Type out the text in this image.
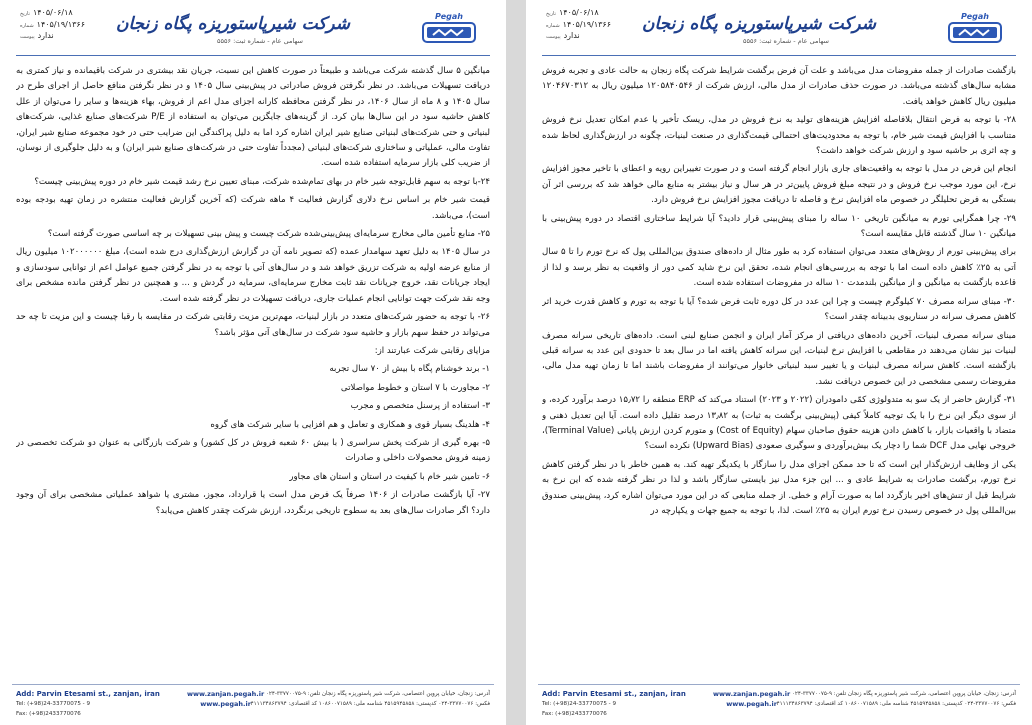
تاریخ ۱۴۰۵/۰۶/۱۸
شماره ۱۴۰۵/۱۹/۱۳۶۶
پیوست ندارد
شرکت شیرپاستوریزه پگاه زنجان
سهامی عام - شماره ثبت: ۵۵۵۶
Pegah

میانگین ۵ سال گذشته شرکت می‌باشد و طبیعتاً در صورت کاهش این نسبت، جریان نقد بیشتری در شرکت باقیمانده و نیاز کمتری به دریافت تسهیلات می‌باشد. در نظر نگرفتن فروش صادراتی در پیش‌بینی سال ۱۴۰۵ و در نظر نگرفتن منافع حاصل از اجرای طرح در سال ۱۴۰۵ و ۸ ماه از سال ۱۴۰۶، در نظر گرفتن محافظه کارانه اجزای مدل اعم از فروش، بهاء هزینه‌ها و سایر را می‌توان از علل کاهش حاشیه سود در این سال‌ها بیان کرد. از گزینه‌های جایگزین می‌توان به استفاده از P/E شرکت‌های صنایع غذایی، شرکت‌های لبنیاتی و حتی شرکت‌های لبنیاتی صنایع شیر ایران اشاره کرد اما به دلیل پراکندگی این ضرایب حتی در خود مجموعه صنایع شیر ایران، تفاوت مالی، عملیاتی و ساختاری شرکت‌های لبنیاتی (مجدداً تفاوت حتی در شرکت‌های صنایع شیر ایران) و به دلیل جلوگیری از نوسان، از ضریب کلی بازار سرمایه استفاده شده است.

۲۴-با توجه به سهم قابل‌توجه شیر خام در بهای تمام‌شده شرکت، مبنای تعیین نرخ رشد قیمت شیر خام در دوره پیش‌بینی چیست؟

قیمت شیر خام بر اساس نرخ دلاری گزارش فعالیت ۴ ماهه شرکت (که آخرین گزارش فعالیت منتشره در زمان تهیه بودجه بوده است)، می‌باشد.

۲۵- منابع تأمین مالی مخارج سرمایه‌ای پیش‌بینی‌شده شرکت چیست و پیش بینی تسهیلات بر چه اساسی صورت گرفته است؟

در سال ۱۴۰۵ به دلیل تعهد سهامدار عمده (که تصویر نامه آن در گزارش ارزش‌گذاری درج شده است)، مبلغ ۱۰۲۰۰۰۰۰۰ میلیون ریال از منابع عرضه اولیه به شرکت تزریق خواهد شد و در سال‌های آتی با توجه به در نظر گرفتن جمیع عوامل اعم از توانایی سودسازی و ایجاد جریانات نقد، خروج جریانات نقد ثابت مخارج سرمایه‌ای، سرمایه در گردش و ... و همچنین در نظر گرفتن مانده مشخص برای وجه نقد شرکت جهت توانایی انجام عملیات جاری، دریافت تسهیلات در نظر گرفته شده است.

۲۶- با توجه به حضور شرکت‌های متعدد در بازار لبنیات، مهم‌ترین مزیت رقابتی شرکت در مقایسه با رقبا چیست و این مزیت تا چه حد می‌تواند در حفظ سهم بازار و حاشیه سود شرکت در سال‌های آتی مؤثر باشد؟

مزایای رقابتی شرکت عبارتند از:

۱- برند خوشنام پگاه با بیش از ۷۰ سال تجربه

۲- مجاورت با ۷ استان و خطوط مواصلاتی

۳- استفاده از پرسنل متخصص و مجرب

۴- هلدینگ بسیار قوی و همکاری و تعامل و هم افزایی با سایر شرکت های گروه

۵- بهره گیری از شرکت پخش سراسری ( با بیش ۶۰ شعبه فروش در کل کشور) و شرکت بازرگانی به عنوان دو شرکت تخصصی در زمینه فروش محصولات داخلی و صادرات

۶- تامین شیر خام با کیفیت در استان و استان های مجاور

۲۷- آیا بازگشت صادرات از ۱۴۰۶ صرفاً یک فرض مدل است یا قرارداد، مجوز، مشتری یا شواهد عملیاتی مشخصی برای آن وجود دارد؟ اگر صادرات سال‌های بعد به سطوح تاریخی برنگردد، ارزش شرکت چقدر کاهش می‌یابد؟

Add: Parvin Etesami st., zanjan, iran
Tel: (+98)24-33770075 - 9
Fax: (+98)2433770076
www.zanjan.pegah.ir
www.pegah.ir
آدرس: زنجان، خیابان پروین اعتصامی، شرکت شیر پاستوریزه پگاه زنجان تلفن: ۹-۳۳۷۷۰۰۷۵-۰۲۴
فکس: ۳۳۷۷۰۰۷۶-۰۲۴ کدپستی: ۴۵۱۵۹۴۵۸۵۸ شناسه ملی: ۱۰۸۶۰۰۷۱۵۸۹ کد اقتصادی: ۴۱۱۱۳۴۸۶۳۷۹۴
تاریخ ۱۴۰۵/۰۶/۱۸
شماره ۱۴۰۵/۱۹/۱۳۶۶
پیوست ندارد
شرکت شیرپاستوریزه پگاه زنجان
سهامی عام - شماره ثبت: ۵۵۵۶
Pegah

بازگشت صادرات از جمله مفروضات مدل می‌باشد و علت آن فرض برگشت شرایط شرکت پگاه زنجان به حالت عادی و تجربه فروش مشابه سال‌های گذشته می‌باشد. در صورت حذف صادرات از مدل مالی، ارزش شرکت از ۱۲۰۵۸۴۰۵۴۶ میلیون ریال به ۱۲۰۴۶۷۰۳۱۲ میلیون ریال کاهش خواهد یافت.

۲۸- با توجه به فرض انتقال بلافاصله افزایش هزینه‌های تولید به نرخ فروش در مدل، ریسک تأخیر یا عدم امکان تعدیل نرخ فروش متناسب با افزایش قیمت شیر خام، با توجه به محدودیت‌های احتمالی قیمت‌گذاری در صنعت لبنیات، چگونه در ارزش‌گذاری لحاظ شده و چه اثری بر حاشیه سود و ارزش شرکت خواهد داشت؟

انجام این فرض در مدل با توجه به واقعیت‌های جاری بازار انجام گرفته است و در صورت تغییراین رویه و اعطای با تاخیر مجوز افزایش نرخ، این مورد موجب نرخ فروش و در نتیجه مبلغ فروش پایین‌تر در هر سال و نیاز بیشتر به منابع مالی خواهد شد که بررسی اثر آن بستگی به فرض تحلیلگر در خصوص ماه افزایش نرخ و فاصله تا دریافت مجوز افزایش نرخ فروش دارد.

۲۹- چرا همگرایی تورم به میانگین تاریخی ۱۰ ساله را مبنای پیش‌بینی قرار دادید؟ آیا شرایط ساختاری اقتصاد در دوره پیش‌بینی با میانگین ۱۰ سال گذشته قابل مقایسه است؟

برای پیش‌بینی تورم از روش‌های متعدد می‌توان استفاده کرد به طور مثال از داده‌های صندوق بین‌المللی پول که نرخ تورم را تا ۵ سال آتی به ۲۵٪ کاهش داده است اما با توجه به بررسی‌های انجام شده، تحقق این نرخ شاید کمی دور از واقعیت به نظر برسد و لذا از قاعده بازگشت به میانگین و از میانگین بلندمدت ۱۰ ساله در مفروضات استفاده شده است.

۳۰- مبنای سرانه مصرف ۷۰ کیلوگرم چیست و چرا این عدد در کل دوره ثابت فرض شده؟ آیا با توجه به تورم و کاهش قدرت خرید اثر کاهش مصرف سرانه در سناریوی بدبینانه چقدر است؟

مبنای سرانه مصرف لبنیات، آخرین داده‌های دریافتی از مرکز آمار ایران و انجمن صنایع لبنی است. داده‌های تاریخی سرانه مصرف لبنیات نیز نشان می‌دهند در مقاطعی با افزایش نرخ لبنیات، این سرانه کاهش یافته اما در سال بعد تا حدودی این عدد به سرانه قبلی بازگشته است. کاهش سرانه مصرف لبنیات و یا تغییر سبد لبنیاتی خانوار می‌توانند از مفروضات باشند اما تا زمان تهیه مدل مالی، مفروضات رسمی مشخصی در این خصوص دریافت نشد.

۳۱- گزارش حاضر از یک سو به متدولوژی کمّی دامودران (۲۰۲۲ و ۲۰۲۳) استناد می‌کند که ERP منطقه را ۱۵٫۷۲ درصد برآورد کرده، و از سوی دیگر این نرخ را با یک توجیه کاملاً کیفی (پیش‌بینی برگشت به ثبات) به ۱۳٫۸۲ درصد تقلیل داده است. آیا این تعدیل ذهنی و متضاد با واقعیات بازار، با کاهش دادن هزینه حقوق صاحبان سهام (Cost of Equity) و متورم کردن ارزش پایانی (Terminal Value)، خروجی نهایی مدل DCF شما را دچار یک بیش‌برآوردی و سوگیری صعودی (Upward Bias) نکرده است؟

یکی از وظایف ارزش‌گذار این است که تا حد ممکن اجزای مدل را سازگار با یکدیگر تهیه کند. به همین خاطر با در نظر گرفتن کاهش نرخ تورم، برگشت صادرات به شرایط عادی و ... این جزء مدل نیز بایستی سازگار باشد و لذا در نظر گرفته شده که این نرخ به شرایط قبل از تنش‌های اخیر بازگردد اما به صورت آرام و خطی. از جمله منابعی که در این مورد می‌توان اشاره کرد، پیش‌بینی صندوق بین‌المللی پول در خصوص رسیدن نرخ تورم ایران به ۲۵٪ است. لذا، با توجه به جمیع جهات و یکپارچه در

Add: Parvin Etesami st., zanjan, iran
Tel: (+98)24-33770075 - 9
Fax: (+98)2433770076
www.zanjan.pegah.ir
www.pegah.ir
آدرس: زنجان، خیابان پروین اعتصامی، شرکت شیر پاستوریزه پگاه زنجان تلفن: ۹-۳۳۷۷۰۰۷۵-۰۲۴
فکس: ۳۳۷۷۰۰۷۶-۰۲۴ کدپستی: ۴۵۱۵۹۴۵۸۵۸ شناسه ملی: ۱۰۸۶۰۰۷۱۵۸۹ کد اقتصادی: ۴۱۱۱۳۴۸۶۳۷۹۴
